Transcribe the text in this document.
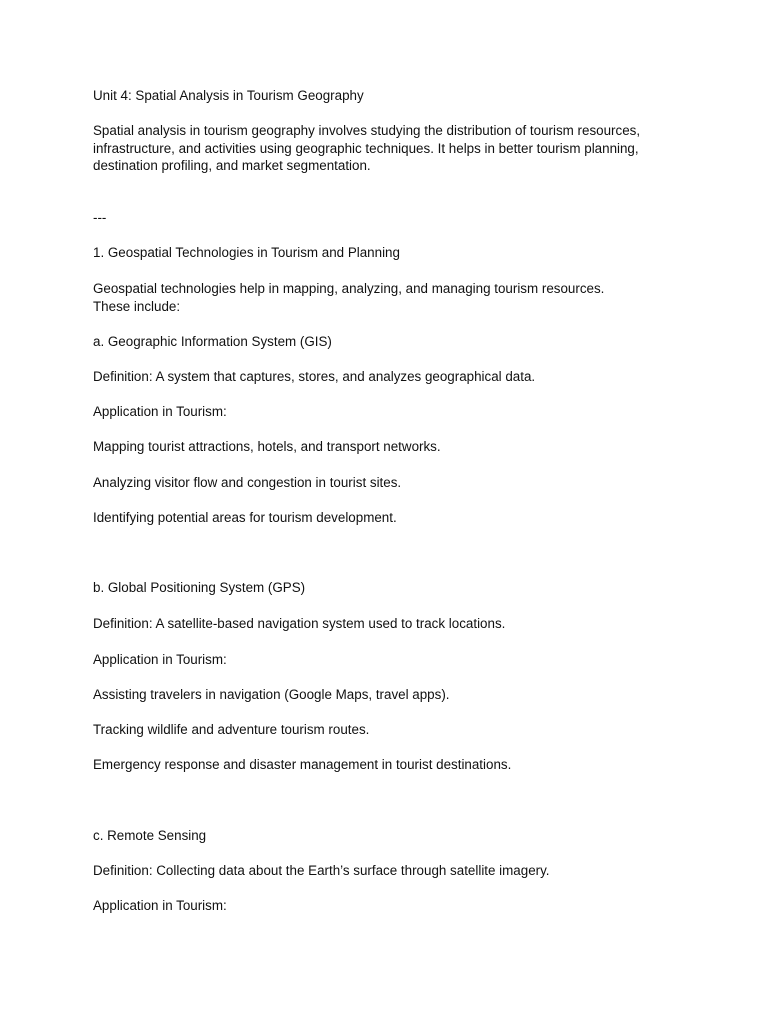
Unit 4: Spatial Analysis in Tourism Geography

Spatial analysis in tourism geography involves studying the distribution of tourism resources,

infrastructure, and activities using geographic techniques. It helps in better tourism planning,

destination profiling, and market segmentation.

---

1. Geospatial Technologies in Tourism and Planning

Geospatial technologies help in mapping, analyzing, and managing tourism resources.

These include:

a. Geographic Information System (GIS)

Definition: A system that captures, stores, and analyzes geographical data.

Application in Tourism:

Mapping tourist attractions, hotels, and transport networks.

Analyzing visitor flow and congestion in tourist sites.

Identifying potential areas for tourism development.

b. Global Positioning System (GPS)

Definition: A satellite-based navigation system used to track locations.

Application in Tourism:

Assisting travelers in navigation (Google Maps, travel apps).

Tracking wildlife and adventure tourism routes.

Emergency response and disaster management in tourist destinations.

c. Remote Sensing

Definition: Collecting data about the Earth’s surface through satellite imagery.

Application in Tourism:
